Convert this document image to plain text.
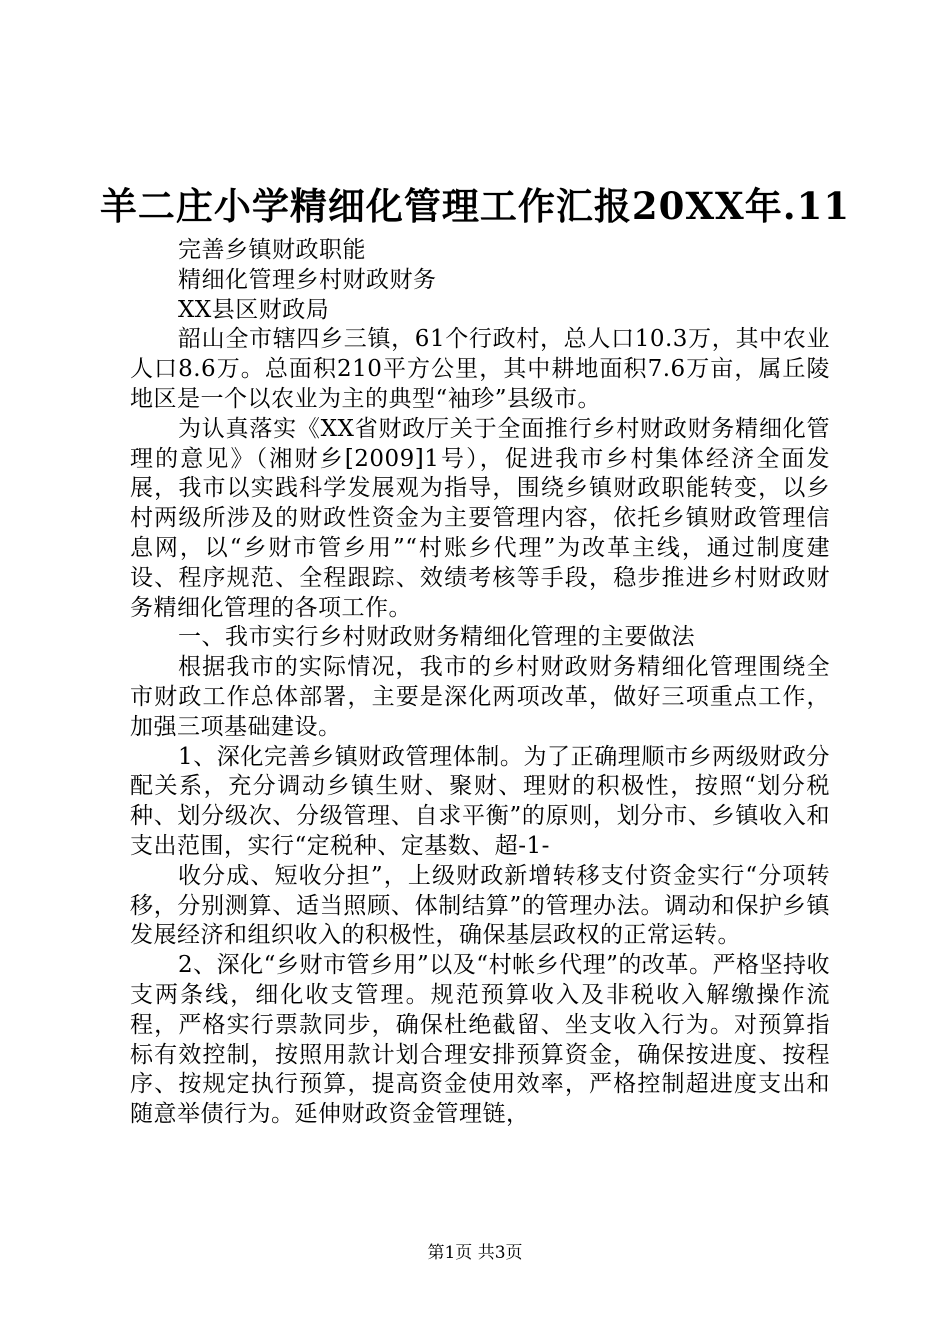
羊二庄小学精细化管理工作汇报20XX年.11

完善乡镇财政职能

精细化管理乡村财政财务

XX县区财政局

韶山全市辖四乡三镇，61个行政村，总人口10.3万，其中农业人口8.6万。总面积210平方公里，其中耕地面积7.6万亩，属丘陵地区是一个以农业为主的典型“袖珍”县级市。

为认真落实《XX省财政厅关于全面推行乡村财政财务精细化管理的意见》（湘财乡[2009]1号），促进我市乡村集体经济全面发展，我市以实践科学发展观为指导，围绕乡镇财政职能转变，以乡村两级所涉及的财政性资金为主要管理内容，依托乡镇财政管理信息网，以“乡财市管乡用”“村账乡代理”为改革主线，通过制度建设、程序规范、全程跟踪、效绩考核等手段，稳步推进乡村财政财务精细化管理的各项工作。

一、我市实行乡村财政财务精细化管理的主要做法

根据我市的实际情况，我市的乡村财政财务精细化管理围绕全市财政工作总体部署，主要是深化两项改革，做好三项重点工作，加强三项基础建设。

1、深化完善乡镇财政管理体制。为了正确理顺市乡两级财政分配关系，充分调动乡镇生财、聚财、理财的积极性，按照“划分税种、划分级次、分级管理、自求平衡”的原则，划分市、乡镇收入和支出范围，实行“定税种、定基数、超-1-

收分成、短收分担”，上级财政新增转移支付资金实行“分项转移，分别测算、适当照顾、体制结算”的管理办法。调动和保护乡镇发展经济和组织收入的积极性，确保基层政权的正常运转。

2、深化“乡财市管乡用”以及“村帐乡代理”的改革。严格坚持收支两条线，细化收支管理。规范预算收入及非税收入解缴操作流程，严格实行票款同步，确保杜绝截留、坐支收入行为。对预算指标有效控制，按照用款计划合理安排预算资金，确保按进度、按程序、按规定执行预算，提高资金使用效率，严格控制超进度支出和随意举债行为。延伸财政资金管理链，

第1页 共3页
